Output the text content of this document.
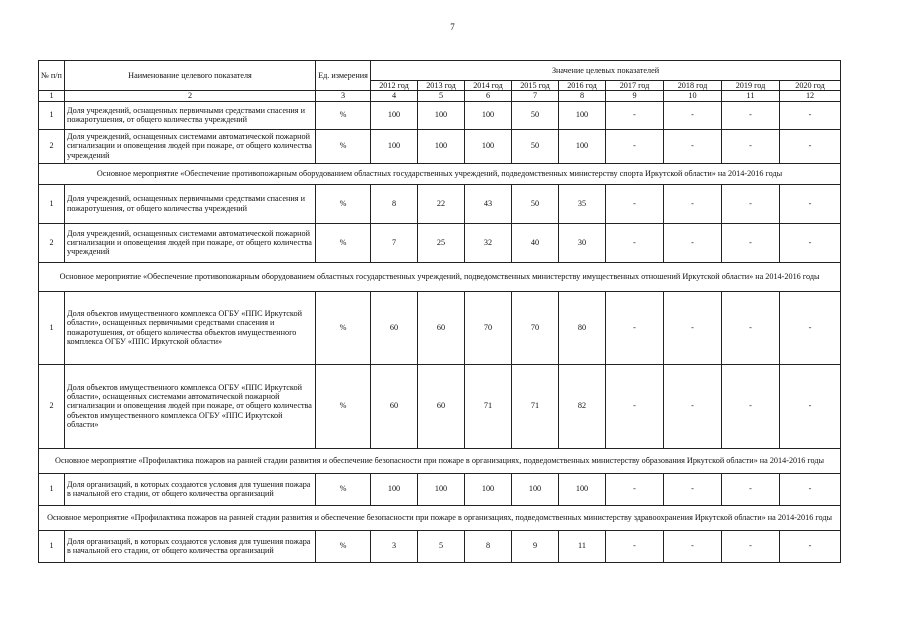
7
№ п/п	Наименование целевого показателя	Ед. измерения	Значение целевых показателей								
			2012 год	2013 год	2014 год	2015 год	2016 год	2017 год	2018 год	2019 год	2020 год
1	2	3	4	5	6	7	8	9	10	11	12
1	Доля учреждений, оснащенных первичными средствами спасения и пожаротушения, от общего количества учреждений	%	100	100	100	50	100	-	-	-	-
2	Доля учреждений, оснащенных системами автоматической пожарной сигнализации и оповещения людей при пожаре, от общего количества учреждений	%	100	100	100	50	100	-	-	-	-
Основное мероприятие «Обеспечение противопожарным оборудованием областных государственных учреждений, подведомственных министерству спорта Иркутской области» на 2014-2016 годы											
1	Доля учреждений, оснащенных первичными средствами спасения и пожаротушения, от общего количества учреждений	%	8	22	43	50	35	-	-	-	-
2	Доля учреждений, оснащенных системами автоматической пожарной сигнализации и оповещения людей при пожаре, от общего количества учреждений	%	7	25	32	40	30	-	-	-	-
Основное мероприятие «Обеспечение противопожарным оборудованием областных государственных учреждений, подведомственных министерству имущественных отношений Иркутской области» на 2014-2016 годы											
1	Доля объектов имущественного комплекса ОГБУ «ППС Иркутской области», оснащенных первичными средствами спасения и пожаротушения, от общего количества объектов имущественного комплекса ОГБУ «ППС Иркутской области»	%	60	60	70	70	80	-	-	-	-
2	Доля объектов имущественного комплекса ОГБУ «ППС Иркутской области», оснащенных системами автоматической пожарной сигнализации и оповещения людей при пожаре, от общего количества объектов имущественного комплекса ОГБУ «ППС Иркутской области»	%	60	60	71	71	82	-	-	-	-
Основное мероприятие «Профилактика пожаров на ранней стадии развития и обеспечение безопасности при пожаре в организациях, подведомственных министерству образования Иркутской области» на 2014-2016 годы											
1	Доля организаций, в которых создаются условия для тушения пожара в начальной его стадии, от общего количества организаций	%	100	100	100	100	100	-	-	-	-
Основное мероприятие «Профилактика пожаров на ранней стадии развития и обеспечение безопасности при пожаре в организациях, подведомственных министерству здравоохранения Иркутской области» на 2014-2016 годы											
1	Доля организаций, в которых создаются условия для тушения пожара в начальной его стадии, от общего количества организаций	%	3	5	8	9	11	-	-	-	-
